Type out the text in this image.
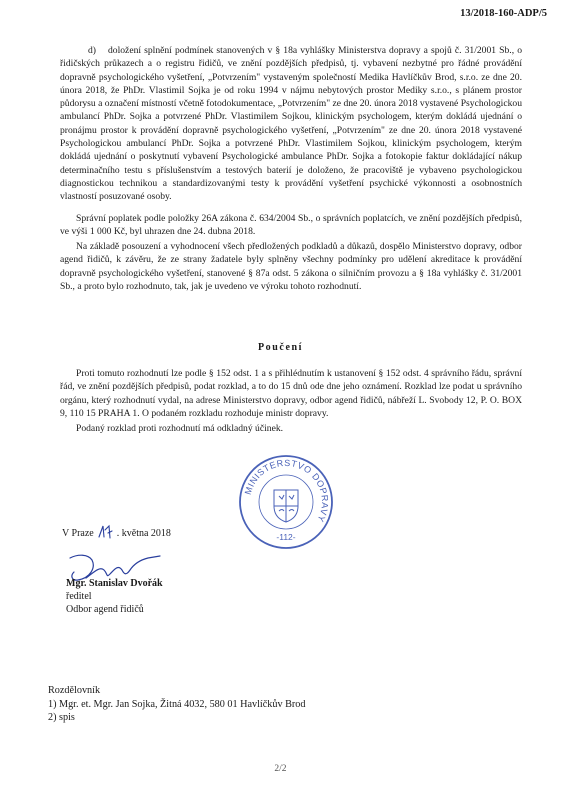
13/2018-160-ADP/5
d)	doložení splnění podmínek stanovených v § 18a vyhlášky Ministerstva dopravy a spojů č. 31/2001 Sb., o řidičských průkazech a o registru řidičů, ve znění pozdějších předpisů, tj. vybavení nezbytné pro řádné provádění dopravně psychologického vyšetření, „Potvrzením" vystaveným společností Medika Havlíčkův Brod, s.r.o. ze dne 20. února 2018, že PhDr. Vlastimil Sojka je od roku 1994 v nájmu nebytových prostor Mediky s.r.o., s plánem prostor půdorysu a označení místností včetně fotodokumentace, „Potvrzením" ze dne 20. února 2018 vystavené Psychologickou ambulancí PhDr. Sojka a potvrzené PhDr. Vlastimilem Sojkou, klinickým psychologem, kterým dokládá ujednání o pronájmu prostor k provádění dopravně psychologického vyšetření, „Potvrzením" ze dne 20. února 2018 vystavené Psychologickou ambulancí PhDr. Sojka a potvrzené PhDr. Vlastimilem Sojkou, klinickým psychologem, kterým dokládá ujednání o poskytnutí vybavení Psychologické ambulance PhDr. Sojka a fotokopie faktur dokládající nákup determinačního testu s příslušenstvím a testových baterií je doloženo, že pracoviště je vybaveno psychologickou diagnostickou technikou a standardizovanými testy k provádění vyšetření psychické výkonnosti a osobnostních vlastností posuzované osoby.

Správní poplatek podle položky 26A zákona č. 634/2004 Sb., o správních poplatcích, ve znění pozdějších předpisů, ve výši 1 000 Kč, byl uhrazen dne 24. dubna 2018.

Na základě posouzení a vyhodnocení všech předložených podkladů a důkazů, dospělo Ministerstvo dopravy, odbor agend řidičů, k závěru, že ze strany žadatele byly splněny všechny podmínky pro udělení akreditace k provádění dopravně psychologického vyšetření, stanovené § 87a odst. 5 zákona o silničním provozu a § 18a vyhlášky č. 31/2001 Sb., a proto bylo rozhodnuto, tak, jak je uvedeno ve výroku tohoto rozhodnutí.

Poučení

Proti tomuto rozhodnutí lze podle § 152 odst. 1 a s přihlédnutím k ustanovení § 152 odst. 4 správního řádu, správní řád, ve znění pozdějších předpisů, podat rozklad, a to do 15 dnů ode dne jeho oznámení. Rozklad lze podat u správního orgánu, který rozhodnutí vydal, na adrese Ministerstvo dopravy, odbor agend řidičů, nábřeží L. Svobody 12, P. O. BOX 9, 110 15 PRAHA 1. O podaném rozkladu rozhoduje ministr dopravy.

Podaný rozklad proti rozhodnutí má odkladný účinek.

MINISTERSTVO DOPRAVY
-112-
V Praze . května 2018
Mgr. Stanislav Dvořák
ředitel
Odbor agend řidičů
Rozdělovník
1) Mgr. et. Mgr. Jan Sojka, Žitná 4032, 580 01 Havlíčkův Brod
2) spis
2/2
